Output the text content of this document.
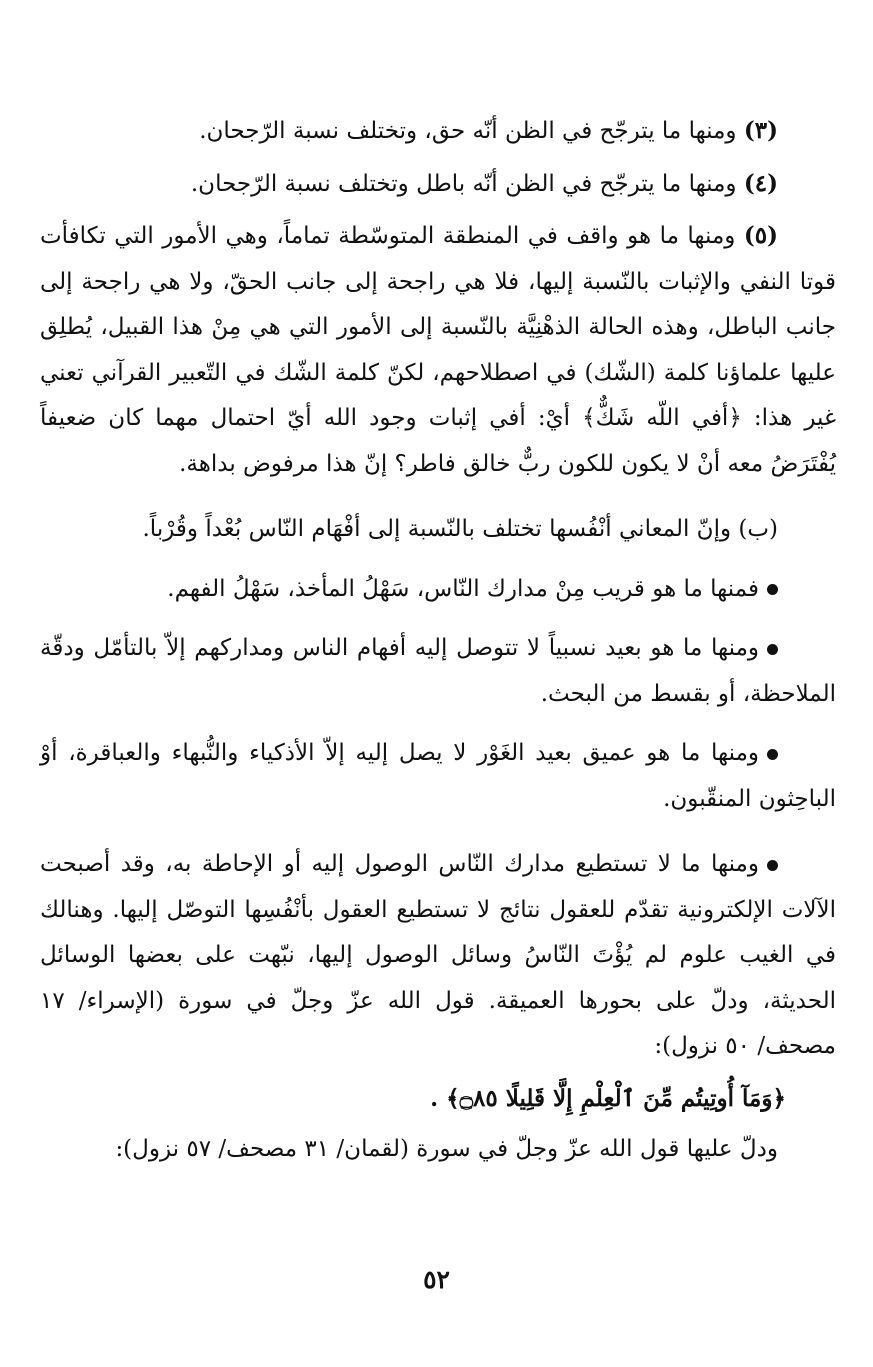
(٣) ومنها ما يترجّح في الظن أنّه حق، وتختلف نسبة الرّجحان.

(٤) ومنها ما يترجّح في الظن أنّه باطل وتختلف نسبة الرّجحان.

(٥) ومنها ما هو واقف في المنطقة المتوسّطة تماماً، وهي الأمور التي تكافأت قوتا النفي والإثبات بالنّسبة إليها، فلا هي راجحة إلى جانب الحقّ، ولا هي راجحة إلى جانب الباطل، وهذه الحالة الذهْنِيَّة بالنّسبة إلى الأمور التي هي مِنْ هذا القبيل، يُطلِق عليها علماؤنا كلمة (الشّك) في اصطلاحهم، لكنّ كلمة الشّك في التّعبير القرآني تعني غير هذا: ﴿أفي اللّه شَكٌّ﴾ أيْ: أفي إثبات وجود الله أيّ احتمال مهما كان ضعيفاً يُفْتَرَضُ معه أنْ لا يكون للكون ربٌّ خالق فاطر؟ إنّ هذا مرفوض بداهة.

(ب) وإنّ المعاني أنْفُسها تختلف بالنّسبة إلى أفْهَام النّاس بُعْداً وقُرْباً.

فمنها ما هو قريب مِنْ مدارك النّاس، سَهْلُ المأخذ، سَهْلُ الفهم.

ومنها ما هو بعيد نسبياً لا تتوصل إليه أفهام الناس ومداركهم إلاّ بالتأمّل ودقّة الملاحظة، أو بقسط من البحث.

ومنها ما هو عميق بعيد الغَوْر لا يصل إليه إلاّ الأذكياء والنُّبهاء والعباقرة، أوْ الباحِثون المنقّبون.

ومنها ما لا تستطيع مدارك النّاس الوصول إليه أو الإحاطة به، وقد أصبحت الآلات الإلكترونية تقدّم للعقول نتائج لا تستطيع العقول بأنْفُسِها التوصّل إليها. وهنالك في الغيب علوم لم يُؤْتَ النّاسُ وسائل الوصول إليها، نبّهت على بعضها الوسائل الحديثة، ودلّ على بحورها العميقة. قول الله عزّ وجلّ في سورة (الإسراء/ ١٧ مصحف/ ٥٠ نزول):

﴿وَمَآ أُوتِيتُم مِّنَ ٱلْعِلْمِ إِلَّا قَلِيلًا ۝٨٥﴾ .

ودلّ عليها قول الله عزّ وجلّ في سورة (لقمان/ ٣١ مصحف/ ٥٧ نزول):

٥٢
